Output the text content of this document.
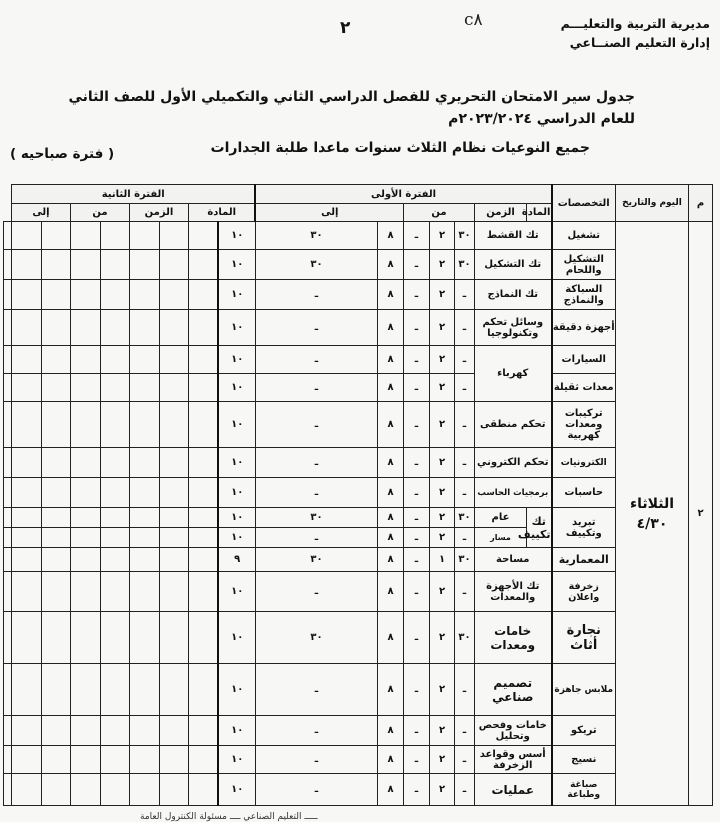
مديرية التربية والتعليـــم
إدارة التعليم الصنــاعي
٢	c٨
جدول سير الامتحان التحريري للفصل الدراسي الثاني والتكميلي الأول للصف الثاني
للعام الدراسي ٢٠٢٣/٢٠٢٤م
جميع النوعيات نظام الثلاث سنوات ماعدا طلبة الجدارات
( فترة صباحيه )
م	اليوم والتاريخ	التخصصات	الفترة الأولى							الفترة الثانية								
			المادة	الزمن	من			إلى		المادة		الزمن		من		إلى		
٢	الثلاثاء
٤/٣٠	تشغيل	تك القشط		٣٠	٢	ـ	٨	٣٠	١٠								
		التشكيل واللحام	تك التشكيل		٣٠	٢	ـ	٨	٣٠	١٠								
		السباكة والنماذج	تك النماذج		ـ	٢	ـ	٨	ـ	١٠								
		أجهزة دقيقة	وسائل تحكم وتكنولوجيا		ـ	٢	ـ	٨	ـ	١٠								
		السيارات	كهرباء		ـ	٢	ـ	٨	ـ	١٠								
		معدات ثقيلة			ـ	٢	ـ	٨	ـ	١٠								
		تركيبات ومعدات كهربية	تحكم منطقى		ـ	٢	ـ	٨	ـ	١٠								
		الكترونيات	تحكم الكتروني		ـ	٢	ـ	٨	ـ	١٠								
		حاسبات	برمجيات الحاسب		ـ	٢	ـ	٨	ـ	١٠								
		تبريد وتكييف	تك تكييف	عام	٣٠	٢	ـ	٨	٣٠	١٠								
				مسار	ـ	٢	ـ	٨	ـ	١٠								
		المعمارية	مساحة		٣٠	١	ـ	٨	٣٠	٩								
		زخرفة واعلان	تك الأجهزة والمعدات		ـ	٢	ـ	٨	ـ	١٠								
		نجارة أثاث	خامات ومعدات		٣٠	٢	ـ	٨	٣٠	١٠								
		ملابس جاهزة	تصميم صناعي		ـ	٢	ـ	٨	ـ	١٠								
		تريكو	خامات وفحص وتحليل		ـ	٢	ـ	٨	ـ	١٠								
		نسيج	أسس وقواعد الزخرفة		ـ	٢	ـ	٨	ـ	١٠								
		صباغة وطباعة	عمليات		ـ	٢	ـ	٨	ـ	١٠								
ـــــ التعليم الصناعي ــــ مسئولة الكنترول العامة
